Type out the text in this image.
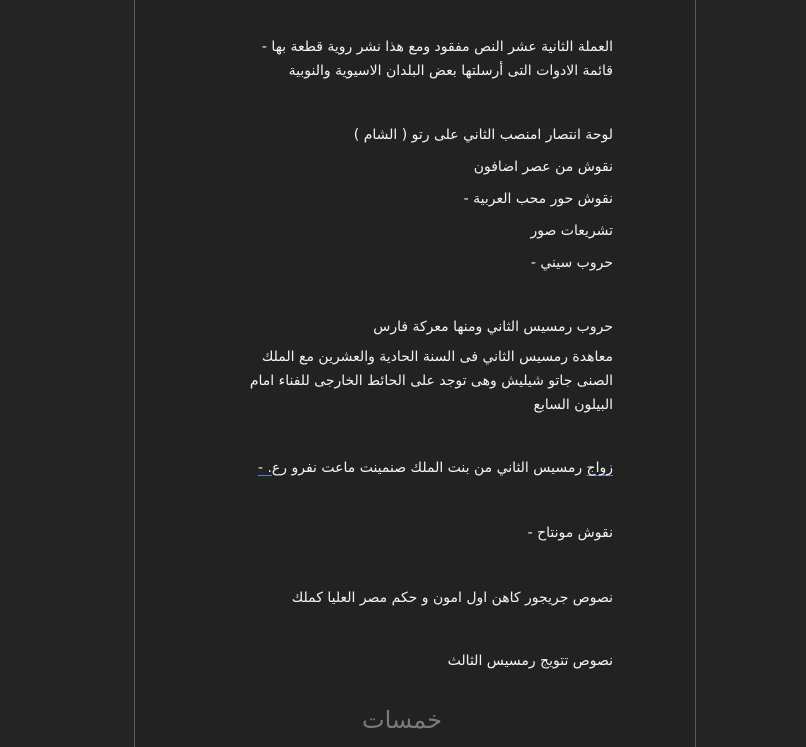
العملة الثانية عشر النص مفقود ومع هذا نشر روية قطعة بها -
قائمة الادوات التى أرسلتها بعض البلدان الاسيوية والنوبية
لوحة انتصار امنصب الثاني على رتو ( الشام )
نقوش من عصر اضافون
نقوش حور محب العربية -
تشريعات صور
حروب سيني -
حروب رمسيس الثاني ومنها معركة فارس
معاهدة رمسيس الثاني فى السنة الحادية والعشرين مع الملك
الصنى جاتو شيليش وهى توجد على الحائط الخارجى للفناء امام
البيلون السابع
زواج رمسيس الثاني من بنت الملك صنمينت ماعت نفرو رع. -
نقوش مونتاح -
نصوص جريجور كاهن اول امون و حكم مصر العليا كملك
نصوص تتويج رمسيس الثالث
خمسات
